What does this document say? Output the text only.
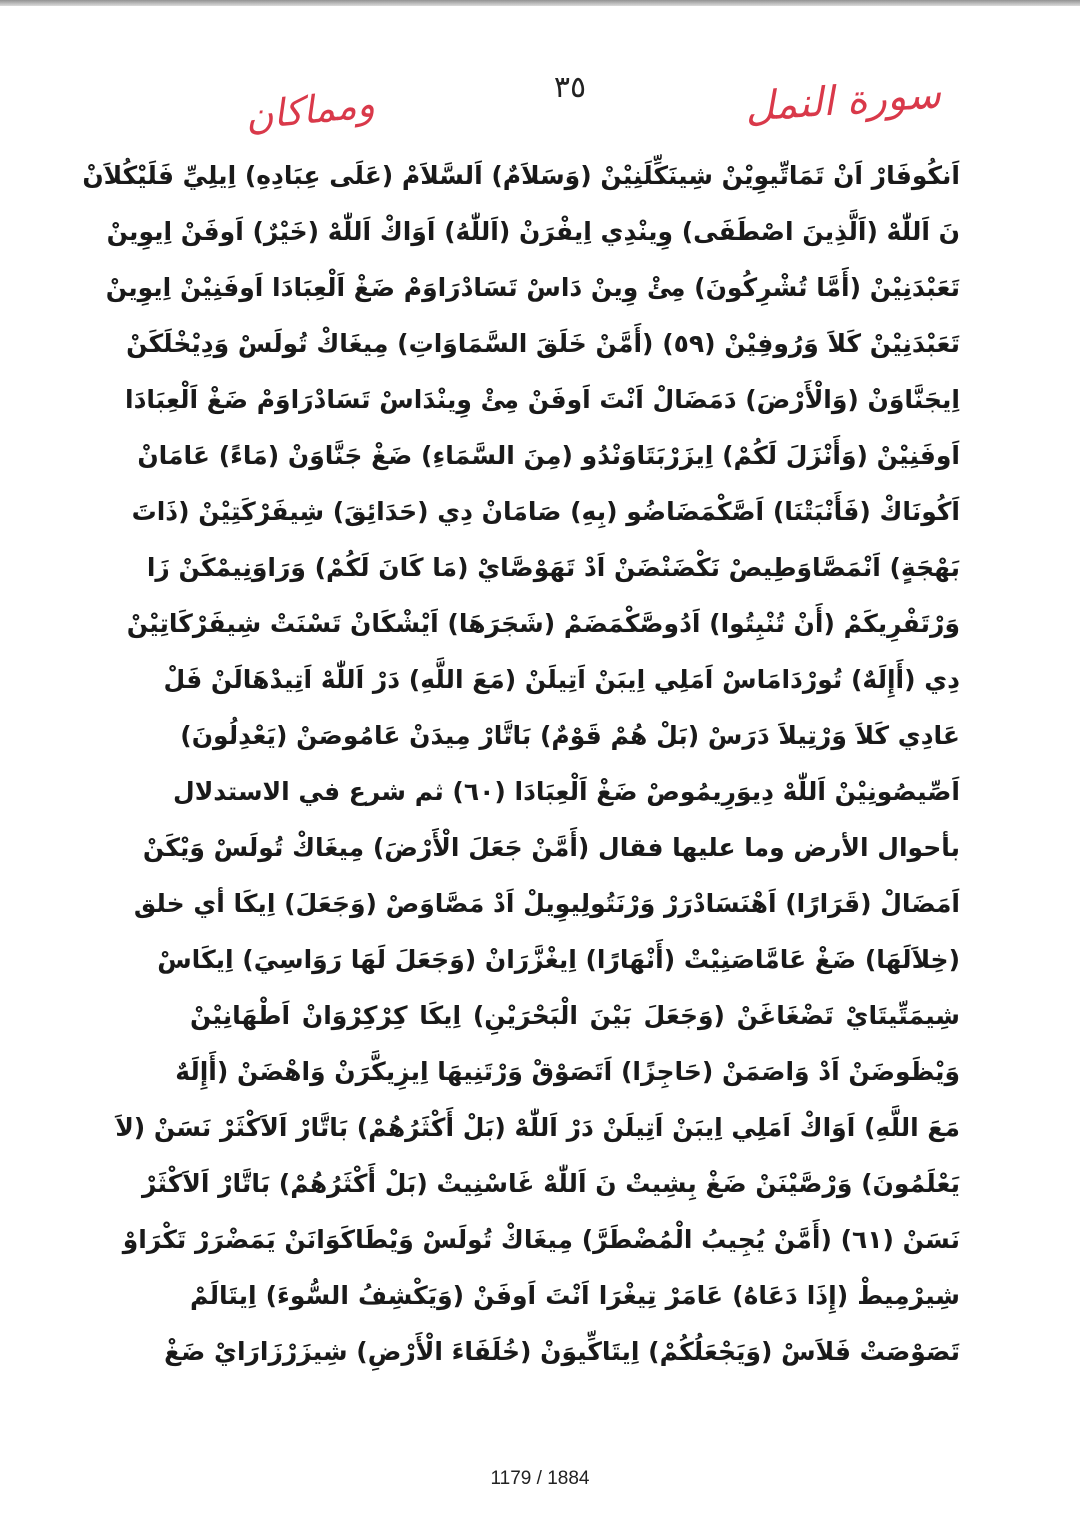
ومماكان	٣٥	سورة النمل
اَنكُوفَارْ اَنْ تَمَاتِّيوِيْنْ شِينَكِّلَنِيْنْ (وَسَلاَمٌ) اَلسَّلاَمْ (عَلَى عِبَادِهِ) اِيلِيِّ فَلَيْكُلاَنْ
نَ اَللّٰهْ (اَلَّذِينَ اصْطَفَى) وِينْدِي اِيفْرَنْ (اَللّٰهُ) اَوَاكْ اَللّٰهْ (خَيْرٌ) اَوفَنْ اِيوِينْ
تَعَبْدَنِيْنْ (أَمَّا تُشْرِكُونَ) مِئْ وِينْ دَاسْ تَسَادْرَاوَمْ ضَغْ اَلْعِبَادَا اَوفَنِيْنْ اِيوِينْ
تَعَبْدَنِيْنْ كَلاَ وَرُوفِيْنْ (٥٩) (أَمَّنْ خَلَقَ السَّمَاوَاتِ) مِيغَاكْ تُولَسْ وَدِيْخْلَكَنْ
اِيجَنَّاوَنْ (وَالْأَرْضَ) دَمَضَالْ اَنْتَ اَوفَنْ مِئْ وِينْدَاسْ تَسَادْرَاوَمْ ضَغْ اَلْعِبَادَا
اَوفَنِيْنْ (وَأَنْزَلَ لَكُمْ) اِيزَرْبَتَاوَنْدُو (مِنَ السَّمَاءِ) ضَغْ جَنَّاوَنْ (مَاءً) عَامَانْ
اَكُونَاكْ (فَأَنْبَتْنَا) اَصَّكْمَضَاضُو (بِهِ) صَامَانْ دِي (حَدَائِقَ) شِيفَرْكَتِيْنْ (ذَاتَ
بَهْجَةٍ) اَنْمَصَّاوَطِيصْ نَكْضَنْضَنْ اَدْ تَهَوْصَّايْ (مَا كَانَ لَكُمْ) وَرَاوَنِيمْكَنْ زَا
وَرْتَفْرِيكَمْ (أَنْ تُنْبِتُوا) اَدُوصَّكْمَضَمْ (شَجَرَهَا) اَيْشْكَانْ تَسْنَتْ شِيفَرْكَاتِيْنْ
دِي (أَإِلَهٌ) تُورْدَامَاسْ اَمَلِي اِيبَنْ اَتِيلَنْ (مَعَ اللَّهِ) دَرْ اَللّٰهْ اَتِيدْهَالَنْ فَلْ
عَادِي كَلاَ وَرْتِيلاَ دَرَسْ (بَلْ هُمْ قَوْمٌ) بَاتَّارْ مِيدَنْ عَامُوصَنْ (يَعْدِلُونَ)
اَصِّيصُونِيْنْ اَللّٰهْ دِيوَرِيمُوصْ ضَغْ اَلْعِبَادَا (٦٠) ثم شرع في الاستدلال
بأحوال الأرض وما عليها فقال (أَمَّنْ جَعَلَ الْأَرْضَ) مِيغَاكْ تُولَسْ وَيْكَنْ
اَمَضَالْ (قَرَارًا) اَهْنَسَادْرَرْ وَرْنَتُولِيوِيلْ اَدْ مَصَّاوَصْ (وَجَعَلَ) اِيكَا أي خلق
(خِلاَلَهَا) ضَغْ عَامَّاصَنِيْتْ (أَنْهَارًا) اِيغْزَّرَانْ (وَجَعَلَ لَهَا رَوَاسِيَ) اِيكَاسْ
شِيمَتِّيتَايْ تَضْغَاغَنْ (وَجَعَلَ بَيْنَ الْبَحْرَيْنِ) اِيكَا كِرْكِرْوَانْ اَطْهَانِيْنْ
وَيْظَوضَنْ اَدْ وَاصَمَنْ (حَاجِزًا) اَتَصَوْقْ وَرْتَنِيهَا اِيزِيكَّرَنْ وَاهْضَنْ (أَإِلَهٌ
مَعَ اللَّهِ) اَوَاكْ اَمَلِي اِيبَنْ اَتِيلَنْ دَرْ اَللّٰهْ (بَلْ أَكْثَرُهُمْ) بَاتَّارْ اَلاَكْثَرْ نَسَنْ (لاَ
يَعْلَمُونَ) وَرْصَّيْنَنْ ضَغْ بِشِيتْ نَ اَللّٰهْ غَاسْنِيتْ (بَلْ أَكْثَرُهُمْ) بَاتَّارْ اَلاَكْثَرْ
نَسَنْ (٦١) (أَمَّنْ يُجِيبُ الْمُضْطَرَّ) مِيغَاكْ تُولَسْ وَيْطَاكَوَانَنْ يَمَضْرَرْ تَكْرَاوْ
شِيرْمِيطْ (إِذَا دَعَاهُ) عَامَرْ تِيغْرَا اَنْتَ اَوفَنْ (وَيَكْشِفُ السُّوءَ) اِيتَالَمْ
تَصَوْصَتْ فَلاَسْ (وَيَجْعَلُكُمْ) اِيتَاكِّيوَنْ (خُلَفَاءَ الْأَرْضِ) شِيزَرْزَارَايْ ضَغْ
1179 / 1884
